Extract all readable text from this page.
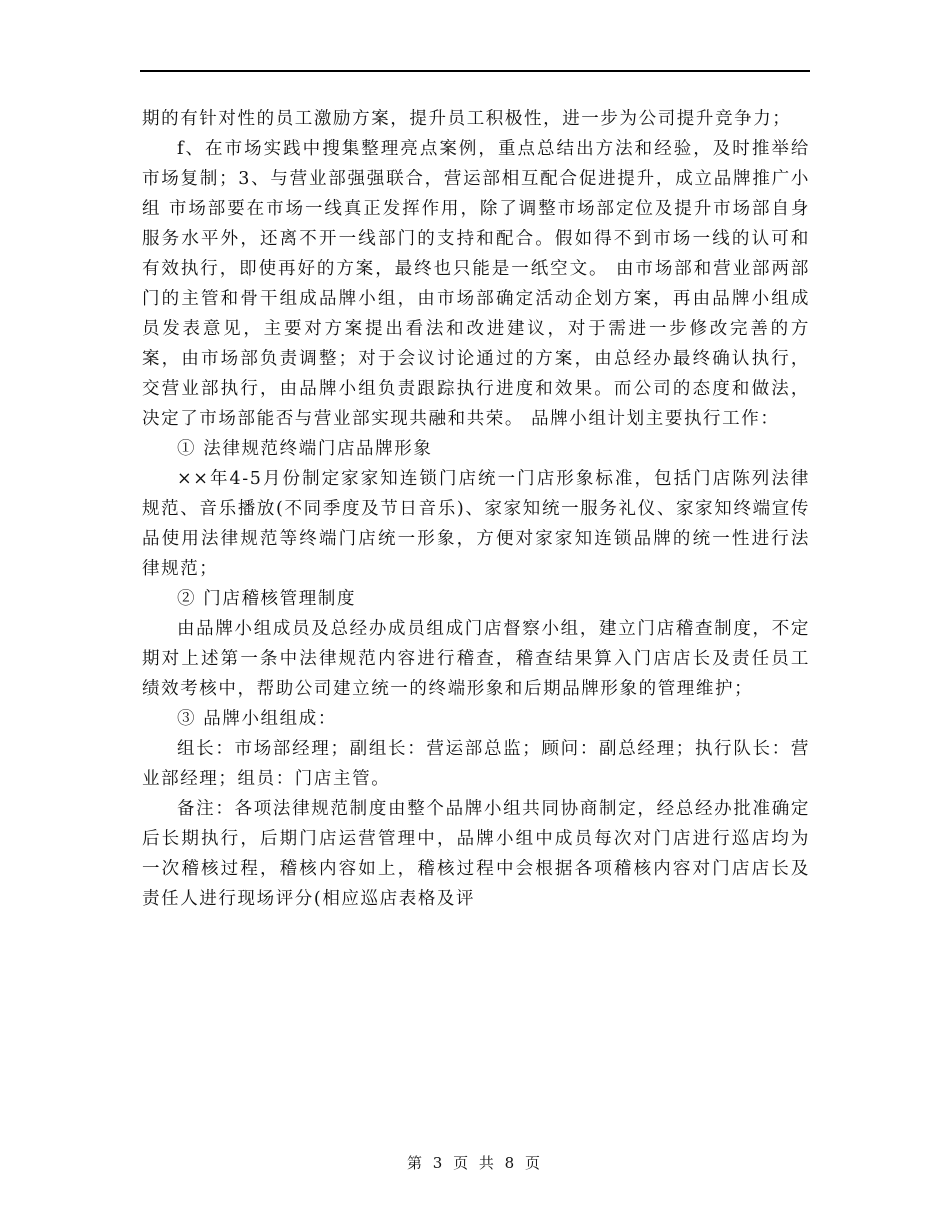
期的有针对性的员工激励方案，提升员工积极性，进一步为公司提升竞争力；

f、在市场实践中搜集整理亮点案例，重点总结出方法和经验，及时推举给市场复制；3、与营业部强强联合，营运部相互配合促进提升，成立品牌推广小组 市场部要在市场一线真正发挥作用，除了调整市场部定位及提升市场部自身服务水平外，还离不开一线部门的支持和配合。假如得不到市场一线的认可和有效执行，即使再好的方案，最终也只能是一纸空文。 由市场部和营业部两部门的主管和骨干组成品牌小组，由市场部确定活动企划方案，再由品牌小组成员发表意见，主要对方案提出看法和改进建议，对于需进一步修改完善的方案，由市场部负责调整；对于会议讨论通过的方案，由总经办最终确认执行，交营业部执行，由品牌小组负责跟踪执行进度和效果。而公司的态度和做法，决定了市场部能否与营业部实现共融和共荣。 品牌小组计划主要执行工作：

① 法律规范终端门店品牌形象

××年4-5月份制定家家知连锁门店统一门店形象标准，包括门店陈列法律规范、音乐播放(不同季度及节日音乐)、家家知统一服务礼仪、家家知终端宣传品使用法律规范等终端门店统一形象，方便对家家知连锁品牌的统一性进行法律规范；

② 门店稽核管理制度

由品牌小组成员及总经办成员组成门店督察小组，建立门店稽查制度，不定期对上述第一条中法律规范内容进行稽查，稽查结果算入门店店长及责任员工绩效考核中，帮助公司建立统一的终端形象和后期品牌形象的管理维护；

③ 品牌小组组成：

组长：市场部经理；副组长：营运部总监；顾问：副总经理；执行队长：营业部经理；组员：门店主管。

备注：各项法律规范制度由整个品牌小组共同协商制定，经总经办批准确定后长期执行，后期门店运营管理中，品牌小组中成员每次对门店进行巡店均为一次稽核过程，稽核内容如上，稽核过程中会根据各项稽核内容对门店店长及责任人进行现场评分(相应巡店表格及评

第 3 页 共 8 页
